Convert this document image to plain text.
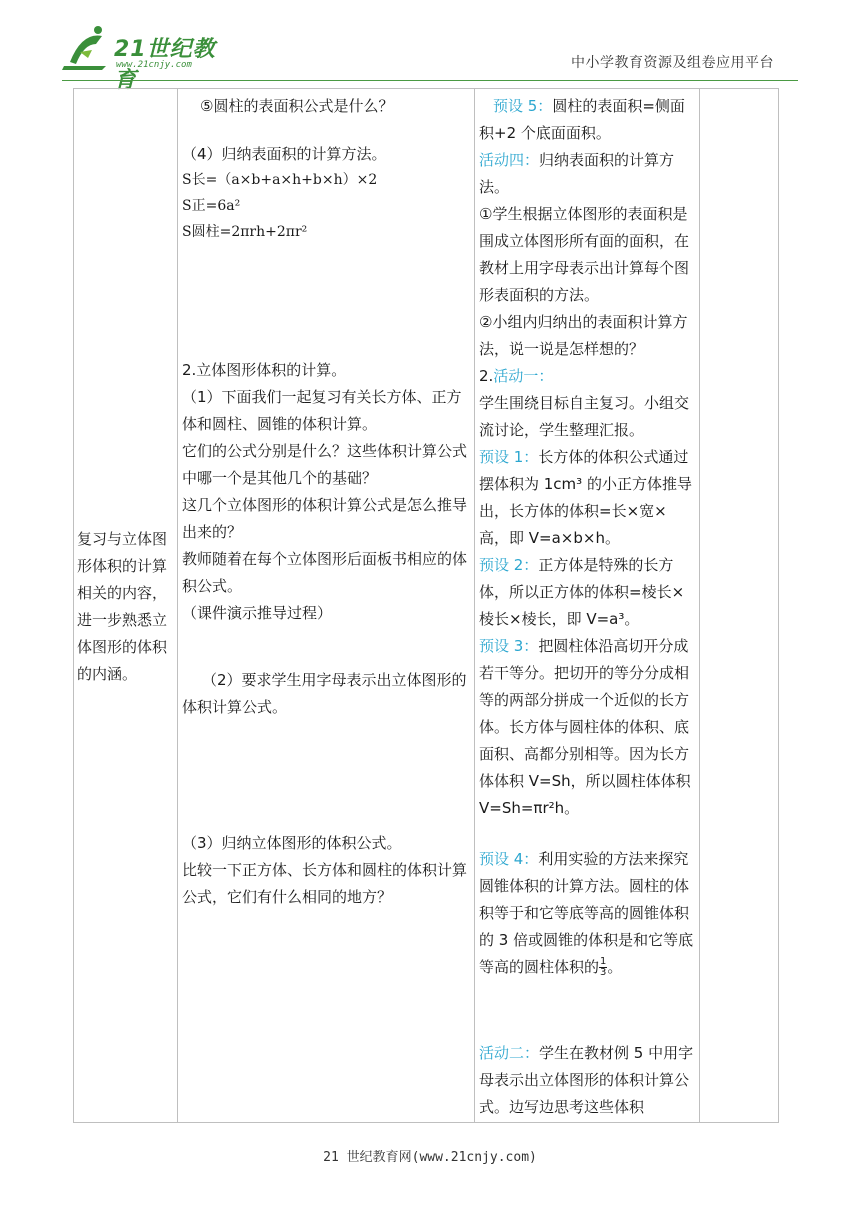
21世纪教育
www.21cnjy.com	中小学教育资源及组卷应用平台
复习与立体图形体积的计算相关的内容，进一步熟悉立体图形的体积的内涵。

⑤圆柱的表面积公式是什么？
（4）归纳表面积的计算方法。
S长=（a×b+a×h+b×h）×2
S正=6a²
S圆柱=2πrh+2πr²
2.立体图形体积的计算。
（1）下面我们一起复习有关长方体、正方体和圆柱、圆锥的体积计算。
它们的公式分别是什么？这些体积计算公式中哪一个是其他几个的基础？
这几个立体图形的体积计算公式是怎么推导出来的？
教师随着在每个立体图形后面板书相应的体积公式。
（课件演示推导过程）
（2）要求学生用字母表示出立体图形的体积计算公式。
（3）归纳立体图形的体积公式。
比较一下正方体、长方体和圆柱的体积计算公式，它们有什么相同的地方？

预设 5：圆柱的表面积=侧面积+2 个底面面积。
活动四：归纳表面积的计算方法。
①学生根据立体图形的表面积是围成立体图形所有面的面积，在教材上用字母表示出计算每个图形表面积的方法。
②小组内归纳出的表面积计算方法，说一说是怎样想的？
2.活动一：
学生围绕目标自主复习。小组交流讨论，学生整理汇报。
预设 1：长方体的体积公式通过摆体积为 1cm³ 的小正方体推导出，长方体的体积=长×宽×高，即 V=a×b×h。
预设 2：正方体是特殊的长方体，所以正方体的体积=棱长×棱长×棱长，即 V=a³。
预设 3：把圆柱体沿高切开分成若干等分。把切开的等分分成相等的两部分拼成一个近似的长方体。长方体与圆柱体的体积、底面积、高都分别相等。因为长方体体积 V=Sh，所以圆柱体体积 V=Sh=πr²h。
预设 4：利用实验的方法来探究圆锥体积的计算方法。圆柱的体积等于和它等底等高的圆锥体积的 3 倍或圆锥的体积是和它等底等高的圆柱体积的 $\frac{1}{3}$ 。
活动二：学生在教材例 5 中用字母表示出立体图形的体积计算公式。边写边思考这些体积

21 世纪教育网(www.21cnjy.com)
